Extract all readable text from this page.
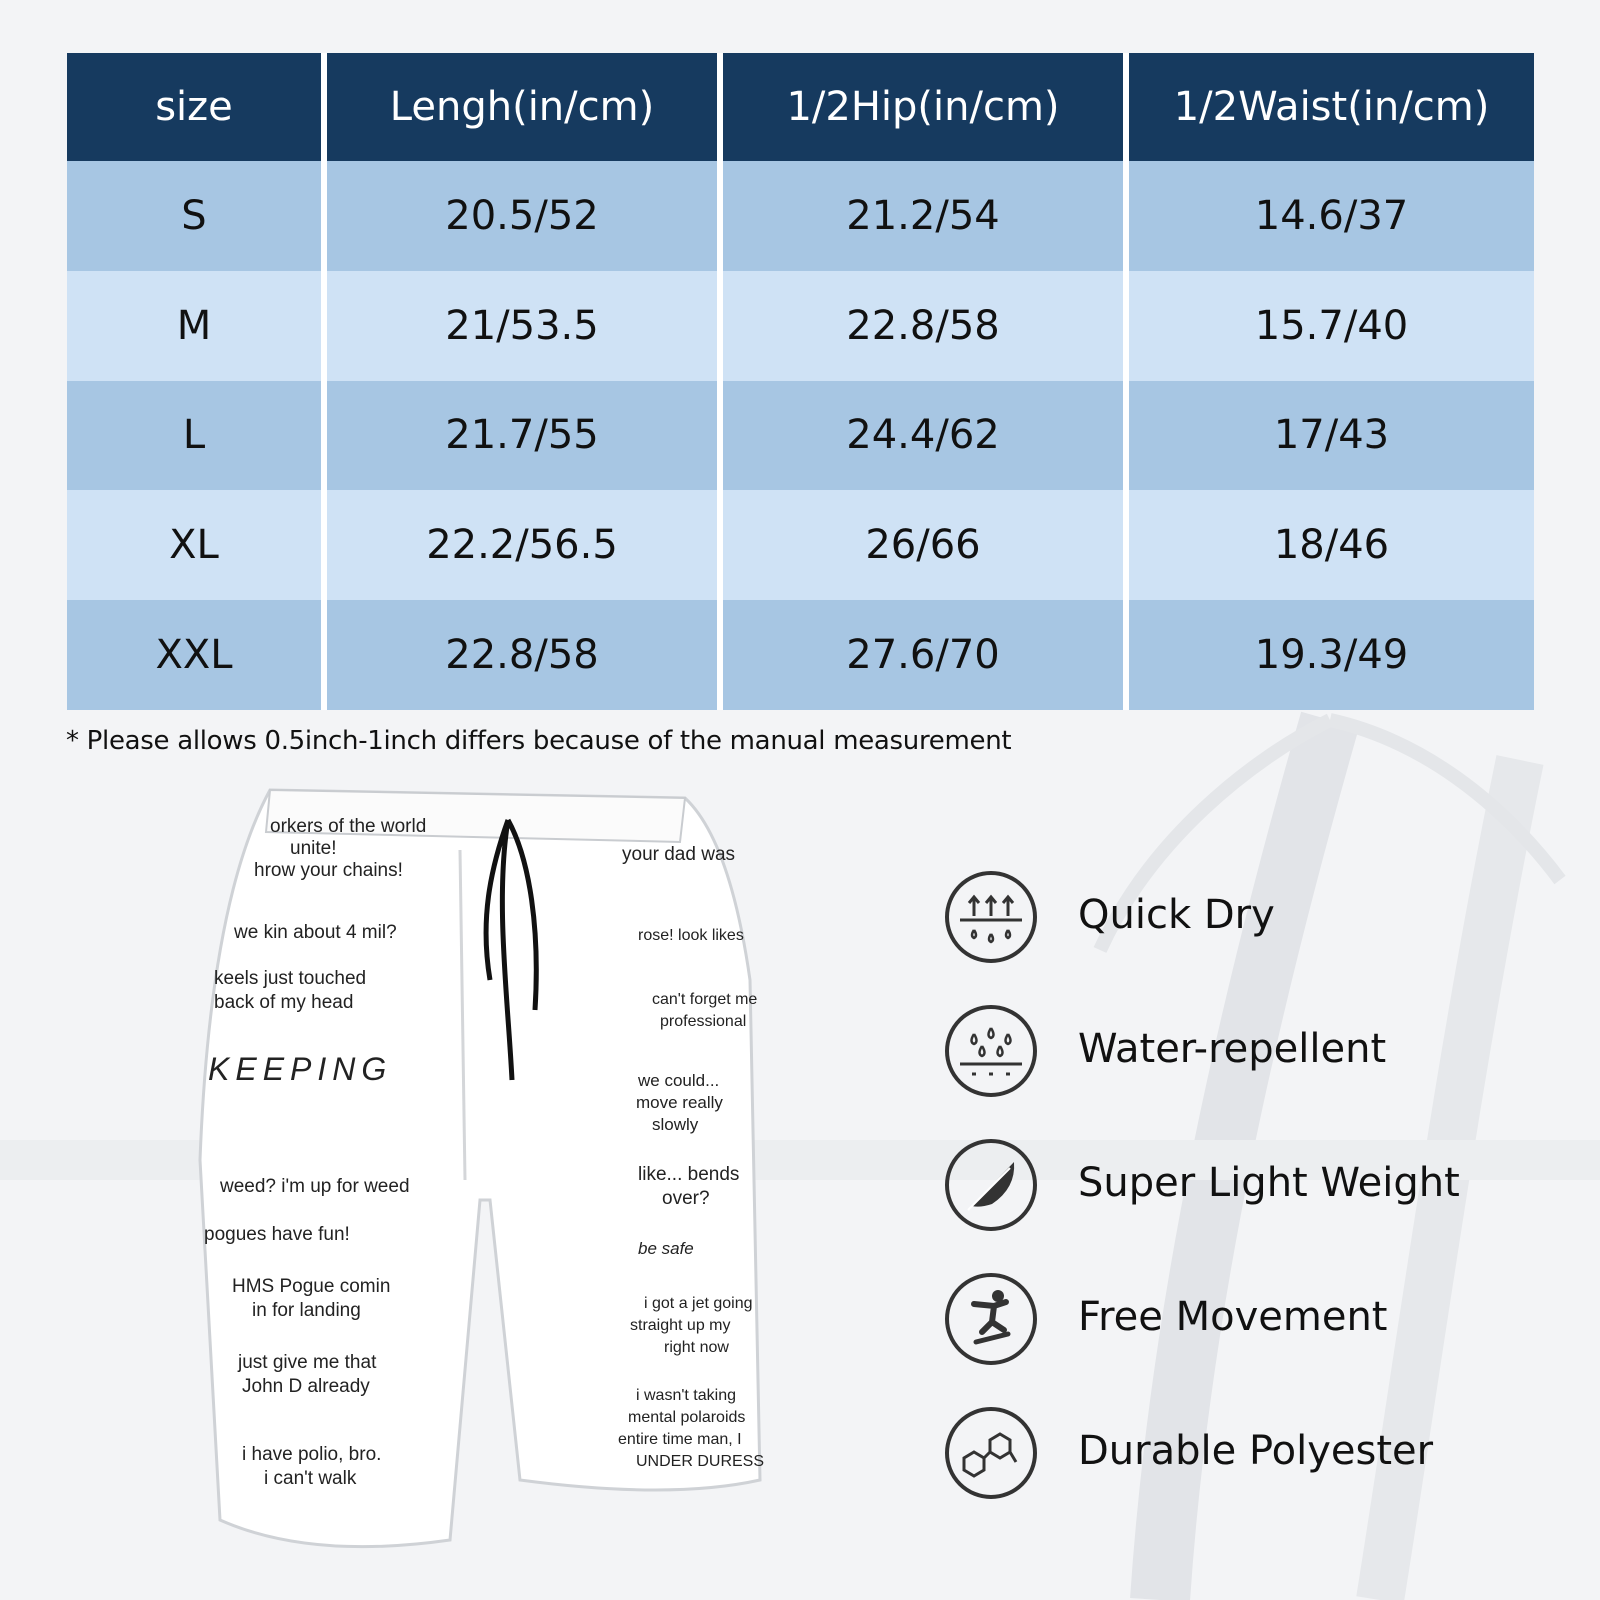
size	Lengh(in/cm)	1/2Hip(in/cm)	1/2Waist(in/cm)
S	20.5/52	21.2/54	14.6/37
M	21/53.5	22.8/58	15.7/40
L	21.7/55	24.4/62	17/43
XL	22.2/56.5	26/66	18/46
XXL	22.8/58	27.6/70	19.3/49
* Please allows 0.5inch-1inch differs because of the manual measurement
orkers of the world
unite!
hrow your chains!
we kin about 4 mil?
keels just touched
back of my head
KEEPING
weed? i'm up for weed
pogues have fun!
HMS Pogue comin
in for landing
just give me that
John D already
i have polio, bro.
i can't walk
your dad was
rose! look likes
can't forget me
professional
we could...
move really
slowly
like... bends
over?
be safe
i got a jet going
straight up my
right now
i wasn't taking
mental polaroids
entire time man, I
UNDER DURESS
Quick Dry
Water-repellent
Super Light Weight
Free Movement
Durable Polyester
